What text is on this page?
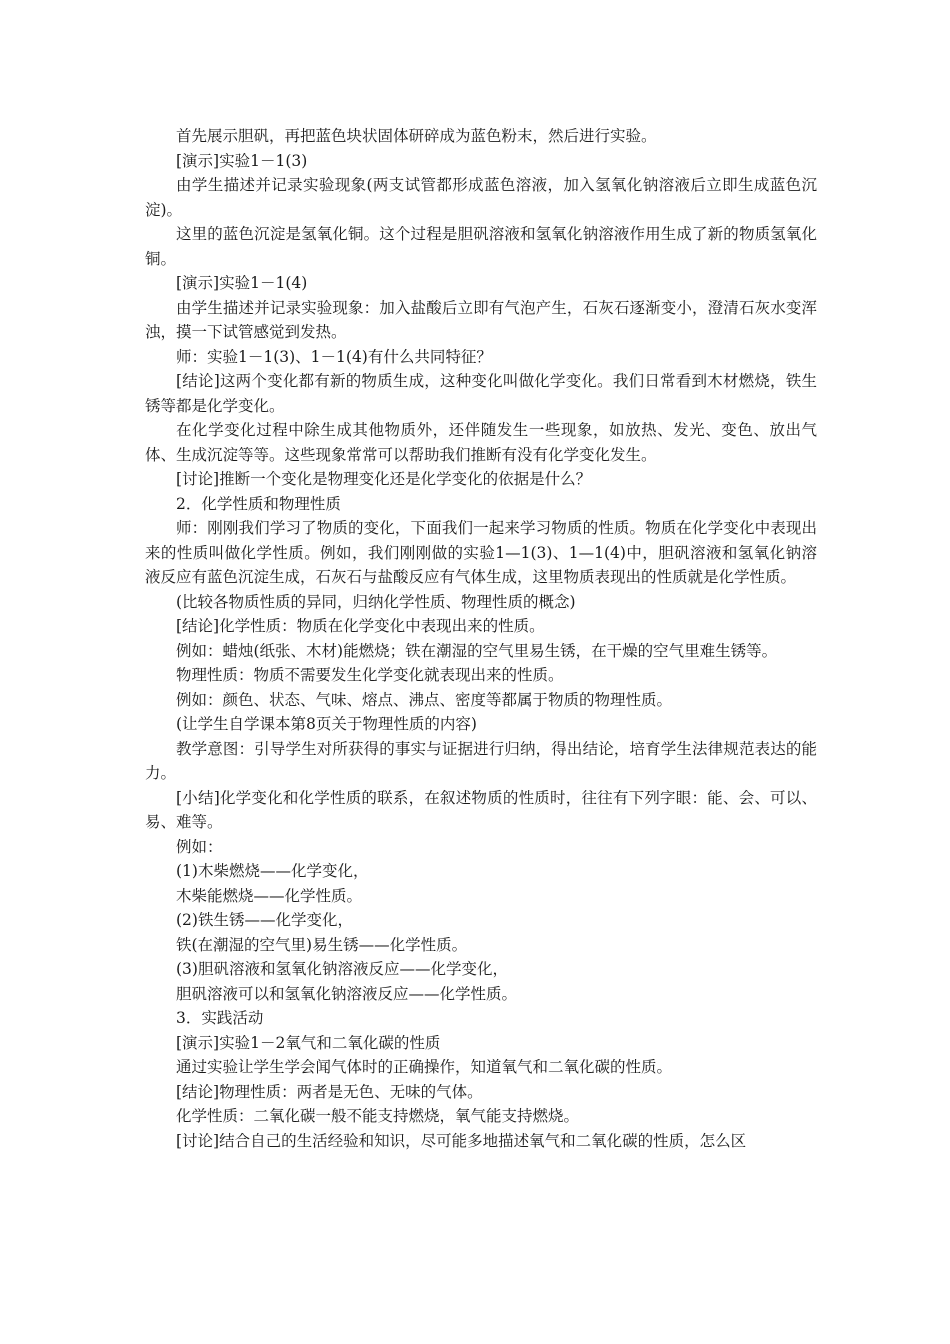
首先展示胆矾，再把蓝色块状固体研碎成为蓝色粉末，然后进行实验。

[演示]实验1－1(3)

由学生描述并记录实验现象(两支试管都形成蓝色溶液，加入氢氧化钠溶液后立即生成蓝色沉淀)。

这里的蓝色沉淀是氢氧化铜。这个过程是胆矾溶液和氢氧化钠溶液作用生成了新的物质氢氧化铜。

[演示]实验1－1(4)

由学生描述并记录实验现象：加入盐酸后立即有气泡产生，石灰石逐渐变小，澄清石灰水变浑浊，摸一下试管感觉到发热。

师：实验1－1(3)、1－1(4)有什么共同特征？

[结论]这两个变化都有新的物质生成，这种变化叫做化学变化。我们日常看到木材燃烧，铁生锈等都是化学变化。

在化学变化过程中除生成其他物质外，还伴随发生一些现象，如放热、发光、变色、放出气体、生成沉淀等等。这些现象常常可以帮助我们推断有没有化学变化发生。

[讨论]推断一个变化是物理变化还是化学变化的依据是什么？

2．化学性质和物理性质

师：刚刚我们学习了物质的变化，下面我们一起来学习物质的性质。物质在化学变化中表现出来的性质叫做化学性质。例如，我们刚刚做的实验1—1(3)、1—1(4)中，胆矾溶液和氢氧化钠溶液反应有蓝色沉淀生成，石灰石与盐酸反应有气体生成，这里物质表现出的性质就是化学性质。

(比较各物质性质的异同，归纳化学性质、物理性质的概念)

[结论]化学性质：物质在化学变化中表现出来的性质。

例如：蜡烛(纸张、木材)能燃烧；铁在潮湿的空气里易生锈，在干燥的空气里难生锈等。

物理性质：物质不需要发生化学变化就表现出来的性质。

例如：颜色、状态、气味、熔点、沸点、密度等都属于物质的物理性质。

(让学生自学课本第8页关于物理性质的内容)

教学意图：引导学生对所获得的事实与证据进行归纳，得出结论，培育学生法律规范表达的能力。

[小结]化学变化和化学性质的联系，在叙述物质的性质时，往往有下列字眼：能、会、可以、易、难等。

例如：

(1)木柴燃烧——化学变化，

木柴能燃烧——化学性质。

(2)铁生锈——化学变化，

铁(在潮湿的空气里)易生锈——化学性质。

(3)胆矾溶液和氢氧化钠溶液反应——化学变化，

胆矾溶液可以和氢氧化钠溶液反应——化学性质。

3．实践活动

[演示]实验1－2氧气和二氧化碳的性质

通过实验让学生学会闻气体时的正确操作，知道氧气和二氧化碳的性质。

[结论]物理性质：两者是无色、无味的气体。

化学性质：二氧化碳一般不能支持燃烧，氧气能支持燃烧。

[讨论]结合自己的生活经验和知识，尽可能多地描述氧气和二氧化碳的性质，怎么区
